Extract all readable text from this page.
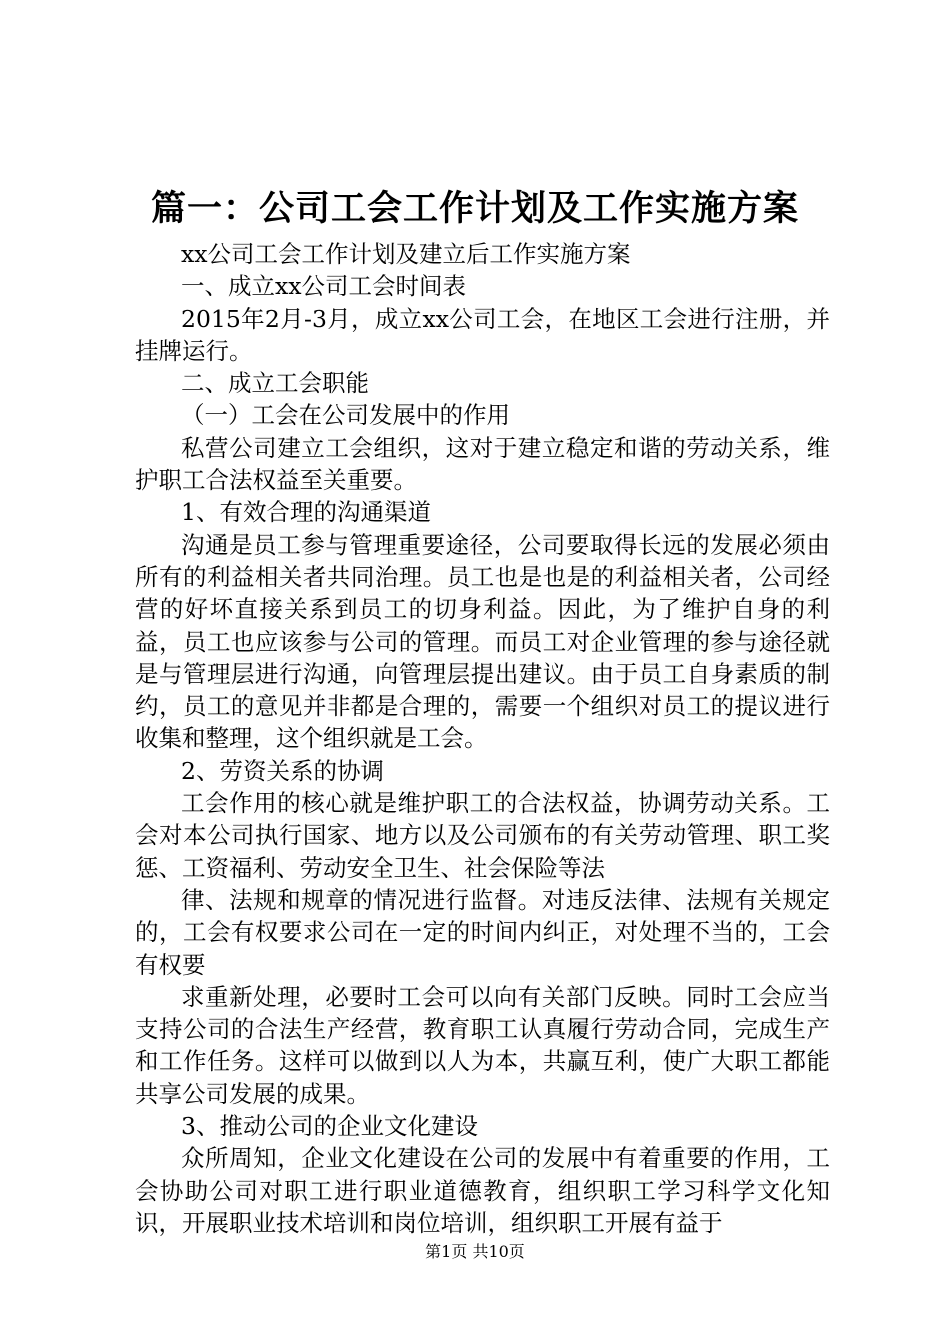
篇一：公司工会工作计划及工作实施方案

xx公司工会工作计划及建立后工作实施方案

一、成立xx公司工会时间表

2015年2月-3月，成立xx公司工会，在地区工会进行注册，并挂牌运行。

二、成立工会职能

（一）工会在公司发展中的作用

私营公司建立工会组织，这对于建立稳定和谐的劳动关系，维护职工合法权益至关重要。

1、有效合理的沟通渠道

沟通是员工参与管理重要途径，公司要取得长远的发展必须由所有的利益相关者共同治理。员工也是也是的利益相关者，公司经营的好坏直接关系到员工的切身利益。因此，为了维护自身的利益，员工也应该参与公司的管理。而员工对企业管理的参与途径就是与管理层进行沟通，向管理层提出建议。由于员工自身素质的制约，员工的意见并非都是合理的，需要一个组织对员工的提议进行收集和整理，这个组织就是工会。

2、劳资关系的协调

工会作用的核心就是维护职工的合法权益，协调劳动关系。工会对本公司执行国家、地方以及公司颁布的有关劳动管理、职工奖惩、工资福利、劳动安全卫生、社会保险等法

律、法规和规章的情况进行监督。对违反法律、法规有关规定的，工会有权要求公司在一定的时间内纠正，对处理不当的，工会有权要

求重新处理，必要时工会可以向有关部门反映。同时工会应当支持公司的合法生产经营，教育职工认真履行劳动合同，完成生产和工作任务。这样可以做到以人为本，共赢互利，使广大职工都能共享公司发展的成果。

3、推动公司的企业文化建设

众所周知，企业文化建设在公司的发展中有着重要的作用，工会协助公司对职工进行职业道德教育，组织职工学习科学文化知识，开展职业技术培训和岗位培训，组织职工开展有益于

第1页 共10页
